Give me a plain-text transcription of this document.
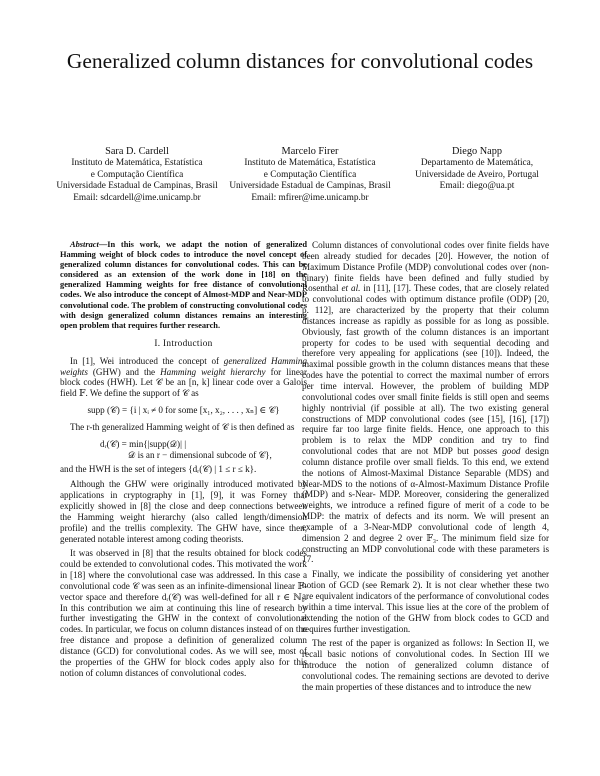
Generalized column distances for convolutional codes
Sara D. Cardell
Instituto de Matemática, Estatística
e Computação Científica
Universidade Estadual de Campinas, Brasil
Email: sdcardell@ime.unicamp.br
Marcelo Firer
Instituto de Matemática, Estatística
e Computação Científica
Universidade Estadual de Campinas, Brasil
Email: mfirer@ime.unicamp.br
Diego Napp
Departamento de Matemática,
Universidade de Aveiro, Portugal
Email: diego@ua.pt

Abstract—In this work, we adapt the notion of generalized Hamming weight of block codes to introduce the novel concept of generalized column distances for convolutional codes. This can be considered as an extension of the work done in [18] on the generalized Hamming weights for free distance of convolutional codes. We also introduce the concept of Almost-MDP and Near-MDP convolutional code. The problem of constructing convolutional codes with design generalized column distances remains an interesting open problem that requires further research.

I. Introduction

In [1], Wei introduced the concept of generalized Hamming weights (GHW) and the Hamming weight hierarchy for linear block codes (HWH). Let 𝒞 be an [n, k] linear code over a Galois field 𝔽. We define the support of 𝒞 as

supp (𝒞) = {i | xᵢ ≠ 0 for some [x₁, x₂, . . . , xₙ] ∈ 𝒞}

The r-th generalized Hamming weight of 𝒞 is then defined as

dᵣ(𝒞) = min{|supp(𝒟)| |
𝒟 is an r − dimensional subcode of 𝒞},

and the HWH is the set of integers {dᵣ(𝒞) | 1 ≤ r ≤ k}.

Although the GHW were originally introduced motivated by applications in cryptography in [1], [9], it was Forney that explicitly showed in [8] the close and deep connections between the Hamming weight hierarchy (also called length/dimension profile) and the trellis complexity. The GHW have, since then, generated notable interest among coding theorists.

It was observed in [8] that the results obtained for block codes could be extended to convolutional codes. This motivated the work in [18] where the convolutional case was addressed. In this case a convolutional code 𝒞 was seen as an infinite-dimensional linear 𝔽-vector space and therefore dᵣ(𝒞) was well-defined for all r ∈ ℕ₀. In this contribution we aim at continuing this line of research by further investigating the GHW in the context of convolutional codes. In particular, we focus on column distances instead of on the free distance and propose a definition of generalized column distance (GCD) for convolutional codes. As we will see, most of the properties of the GHW for block codes apply also for this notion of column distances of convolutional codes.

Column distances of convolutional codes over finite fields have been already studied for decades [20]. However, the notion of Maximum Distance Profile (MDP) convolutional codes over (non-binary) finite fields have been defined and fully studied by Rosenthal et al. in [11], [17]. These codes, that are closely related to convolutional codes with optimum distance profile (ODP) [20, p. 112], are characterized by the property that their column distances increase as rapidly as possible for as long as possible. Obviously, fast growth of the column distances is an important property for codes to be used with sequential decoding and therefore very appealing for applications (see [10]). Indeed, the maximal possible growth in the column distances means that these codes have the potential to correct the maximal number of errors per time interval. However, the problem of building MDP convolutional codes over small finite fields is still open and seems highly nontrivial (if possible at all). The two existing general constructions of MDP convolutional codes (see [15], [16], [17]) require far too large finite fields. Hence, one approach to this problem is to relax the MDP condition and try to find convolutional codes that are not MDP but posses good design column distance profile over small fields. To this end, we extend the notions of Almost-Maximal Distance Separable (MDS) and Near-MDS to the notions of α-Almost-Maximum Distance Profile (MDP) and s-Near- MDP. Moreover, considering the generalized weights, we introduce a refined figure of merit of a code to be MDP: the matrix of defects and its norm. We will present an example of a 3-Near-MDP convolutional code of length 4, dimension 2 and degree 2 over 𝔽₃. The minimum field size for constructing an MDP convolutional code with these parameters is 17.

Finally, we indicate the possibility of considering yet another notion of GCD (see Remark 2). It is not clear whether these two are equivalent indicators of the performance of convolutional codes within a time interval. This issue lies at the core of the problem of extending the notion of the GHW from block codes to GCD and requires further investigation.

The rest of the paper is organized as follows: In Section II, we recall basic notions of convolutional codes. In Section III we introduce the notion of generalized column distance of convolutional codes. The remaining sections are devoted to derive the main properties of these distances and to introduce the new
